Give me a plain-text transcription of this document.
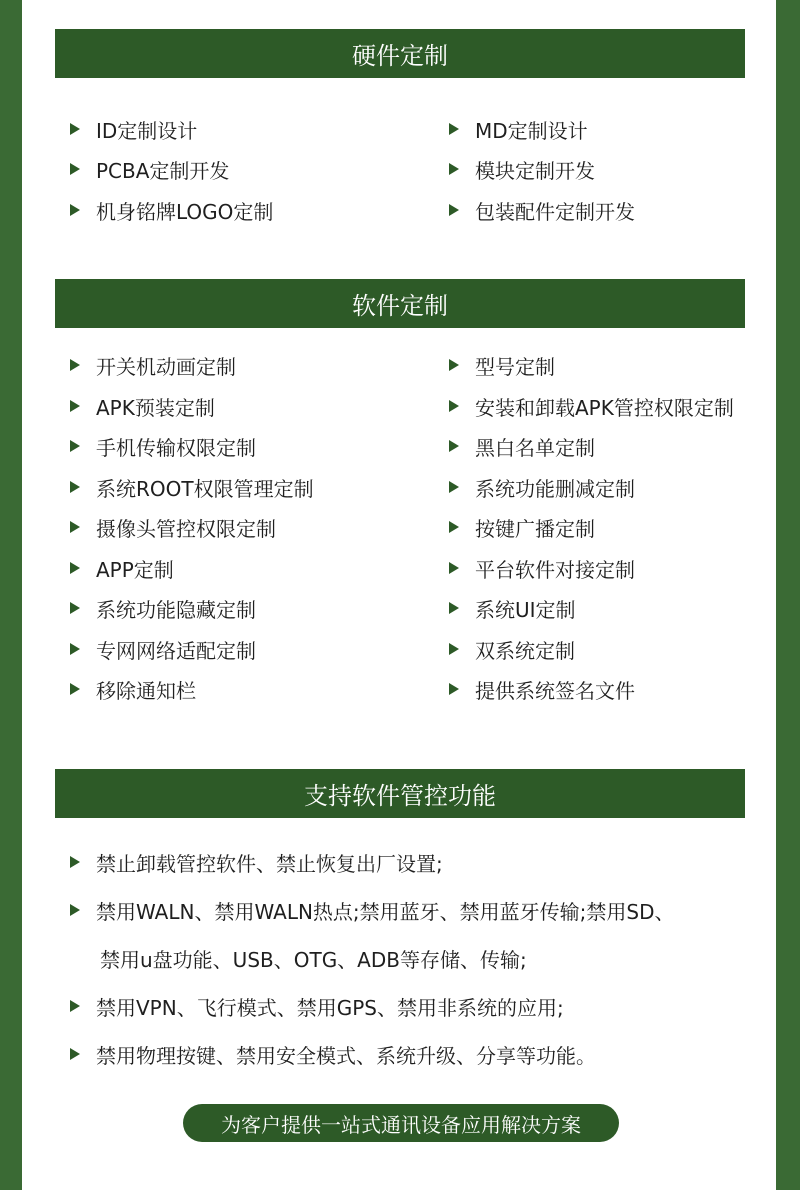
硬件定制
ID定制设计	MD定制设计
PCBA定制开发	模块定制开发
机身铭牌LOGO定制	包装配件定制开发
软件定制
开关机动画定制	型号定制
APK预装定制	安装和卸载APK管控权限定制
手机传输权限定制	黑白名单定制
系统ROOT权限管理定制	系统功能删减定制
摄像头管控权限定制	按键广播定制
APP定制	平台软件对接定制
系统功能隐藏定制	系统UI定制
专网网络适配定制	双系统定制
移除通知栏	提供系统签名文件
支持软件管控功能
禁止卸载管控软件、禁止恢复出厂设置;
禁用WALN、禁用WALN热点;禁用蓝牙、禁用蓝牙传输;禁用SD、
禁用u盘功能、USB、OTG、ADB等存储、传输;
禁用VPN、飞行模式、禁用GPS、禁用非系统的应用;
禁用物理按键、禁用安全模式、系统升级、分享等功能。
为客户提供一站式通讯设备应用解决方案
